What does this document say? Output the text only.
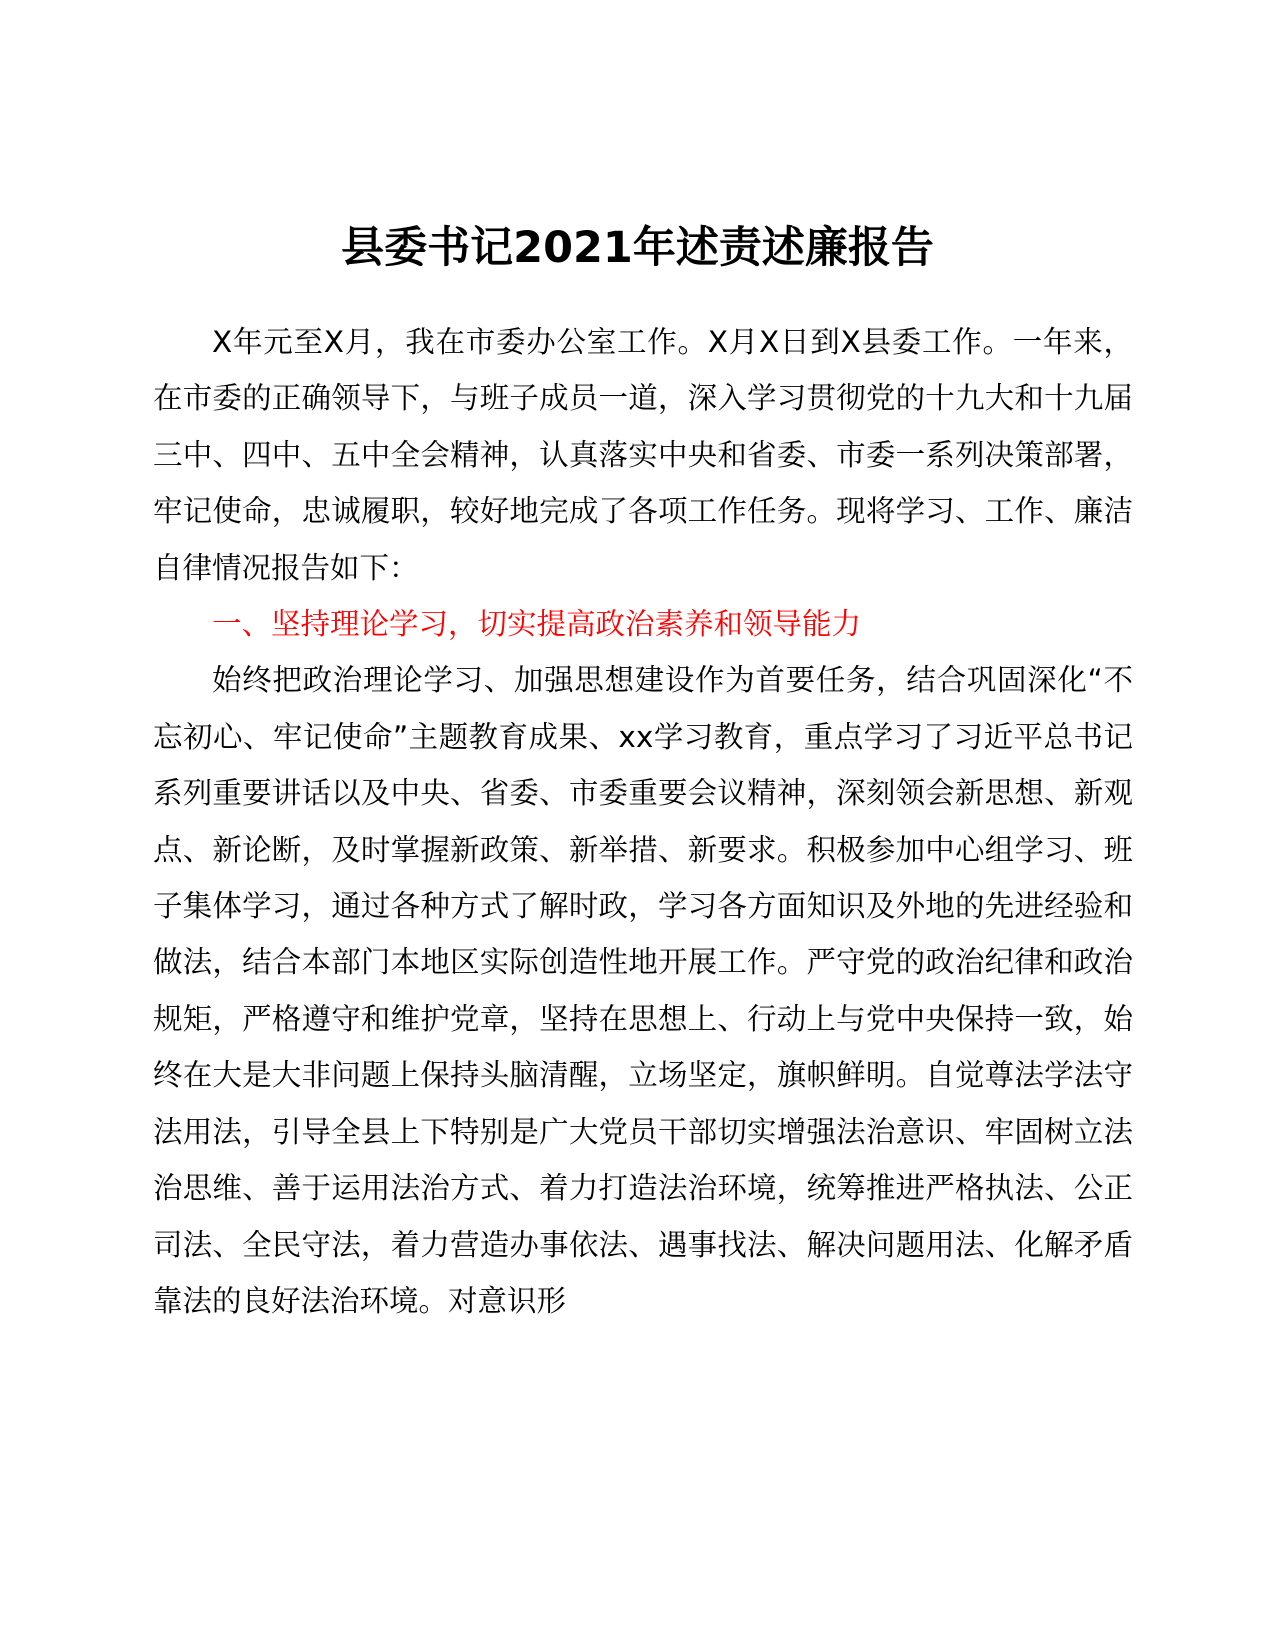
县委书记2021年述责述廉报告

X年元至X月，我在市委办公室工作。X月X日到X县委工作。一年来，在市委的正确领导下，与班子成员一道，深入学习贯彻党的十九大和十九届三中、四中、五中全会精神，认真落实中央和省委、市委一系列决策部署，牢记使命，忠诚履职，较好地完成了各项工作任务。现将学习、工作、廉洁自律情况报告如下：

一、坚持理论学习，切实提高政治素养和领导能力

始终把政治理论学习、加强思想建设作为首要任务，结合巩固深化“不忘初心、牢记使命”主题教育成果、xx学习教育，重点学习了习近平总书记系列重要讲话以及中央、省委、市委重要会议精神，深刻领会新思想、新观点、新论断，及时掌握新政策、新举措、新要求。积极参加中心组学习、班子集体学习，通过各种方式了解时政，学习各方面知识及外地的先进经验和做法，结合本部门本地区实际创造性地开展工作。严守党的政治纪律和政治规矩，严格遵守和维护党章，坚持在思想上、行动上与党中央保持一致，始终在大是大非问题上保持头脑清醒，立场坚定，旗帜鲜明。自觉尊法学法守法用法，引导全县上下特别是广大党员干部切实增强法治意识、牢固树立法治思维、善于运用法治方式、着力打造法治环境，统筹推进严格执法、公正司法、全民守法，着力营造办事依法、遇事找法、解决问题用法、化解矛盾靠法的良好法治环境。对意识形
